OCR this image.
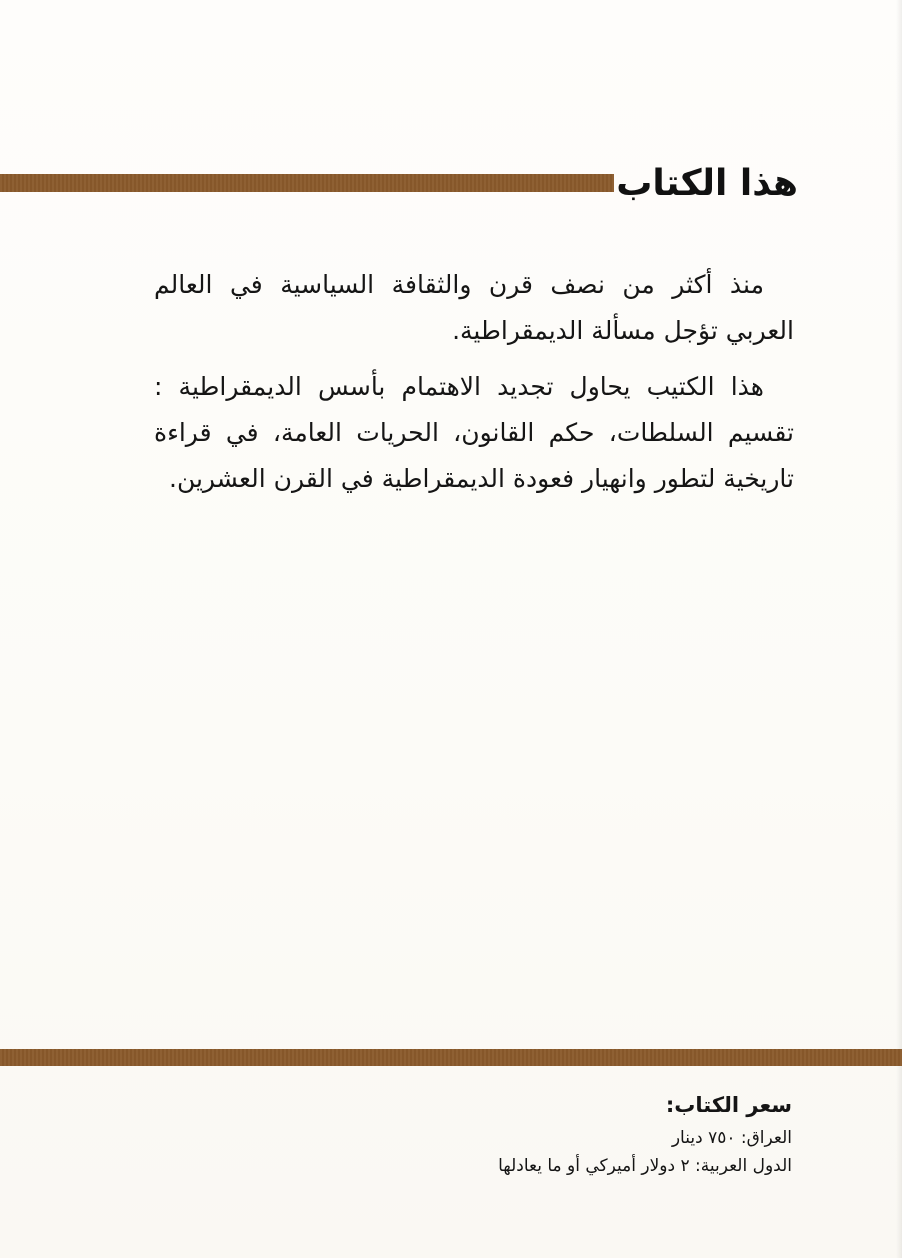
هذا الكتاب

منذ أكثر من نصف قرن والثقافة السياسية في العالم العربي تؤجل مسألة الديمقراطية.

هذا الكتيب يحاول تجديد الاهتمام بأسس الديمقراطية : تقسيم السلطات، حكم القانون، الحريات العامة، في قراءة تاريخية لتطور وانهيار فعودة الديمقراطية في القرن العشرين.

سعر الكتاب:
العراق: ٧٥٠ دينار
الدول العربية: ٢ دولار أميركي أو ما يعادلها
